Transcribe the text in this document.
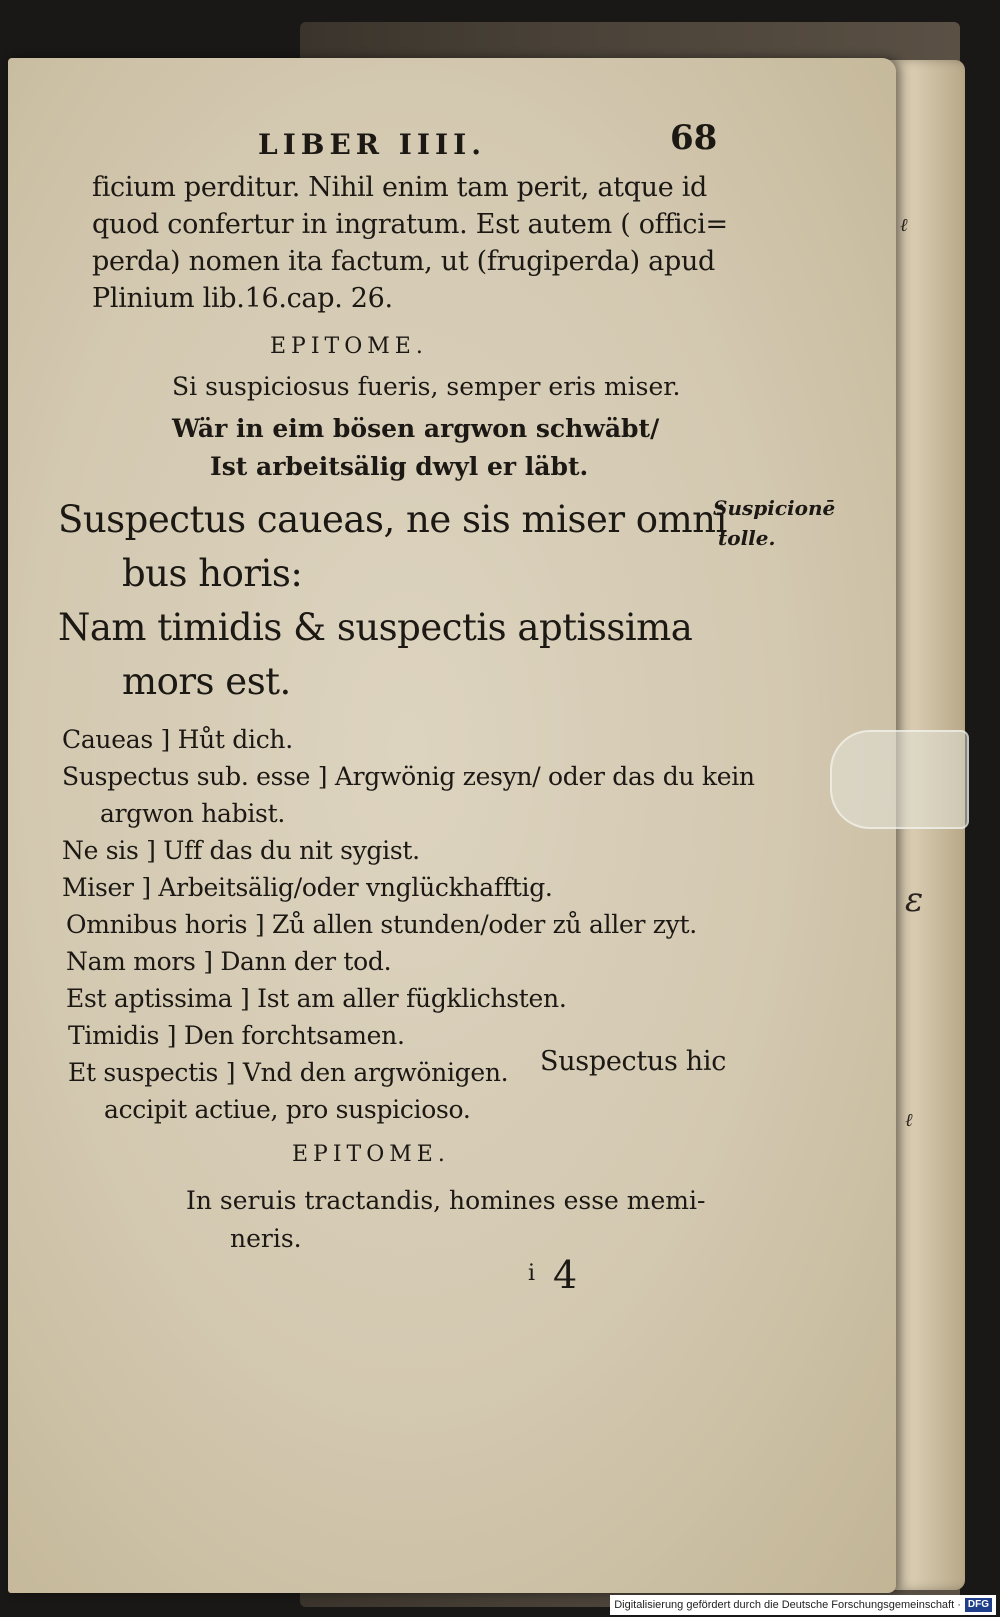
ℓ
ɛ
ℓ
LIBER IIII.	68
ficium perditur. Nihil enim tam perit, atque id
quod confertur in ingratum. Est autem ( offici=
perda) nomen ita factum, ut (frugiperda) apud
Plinium lib.16.cap. 26.
EPITOME.
Si suspiciosus fueris, semper eris miser.
Wär in eim bösen argwon schwäbt/
Ist arbeitsälig dwyl er läbt.
Suspectus caueas, ne sis miser omni
bus horis:
Nam timidis & suspectis aptissima
mors est.
Suspicionē
tolle.
Caueas ] Hůt dich.
Suspectus sub. esse ] Argwönig zesyn/ oder das du kein
argwon habist.
Ne sis ] Uff das du nit sygist.
Miser ] Arbeitsälig/oder vnglückhafftig.
Omnibus horis ] Zů allen stunden/oder zů aller zyt.
Nam mors ] Dann der tod.
Est aptissima ] Ist am aller fügklichsten.
Timidis ] Den forchtsamen.
Et suspectis ] Vnd den argwönigen. Suspectus hic
accipit actiue, pro suspicioso.
EPITOME.
In seruis tractandis, homines esse memi-
neris.
$^i$ 4
Digitalisierung gefördert durch die Deutsche Forschungsgemeinschaft · DFG
